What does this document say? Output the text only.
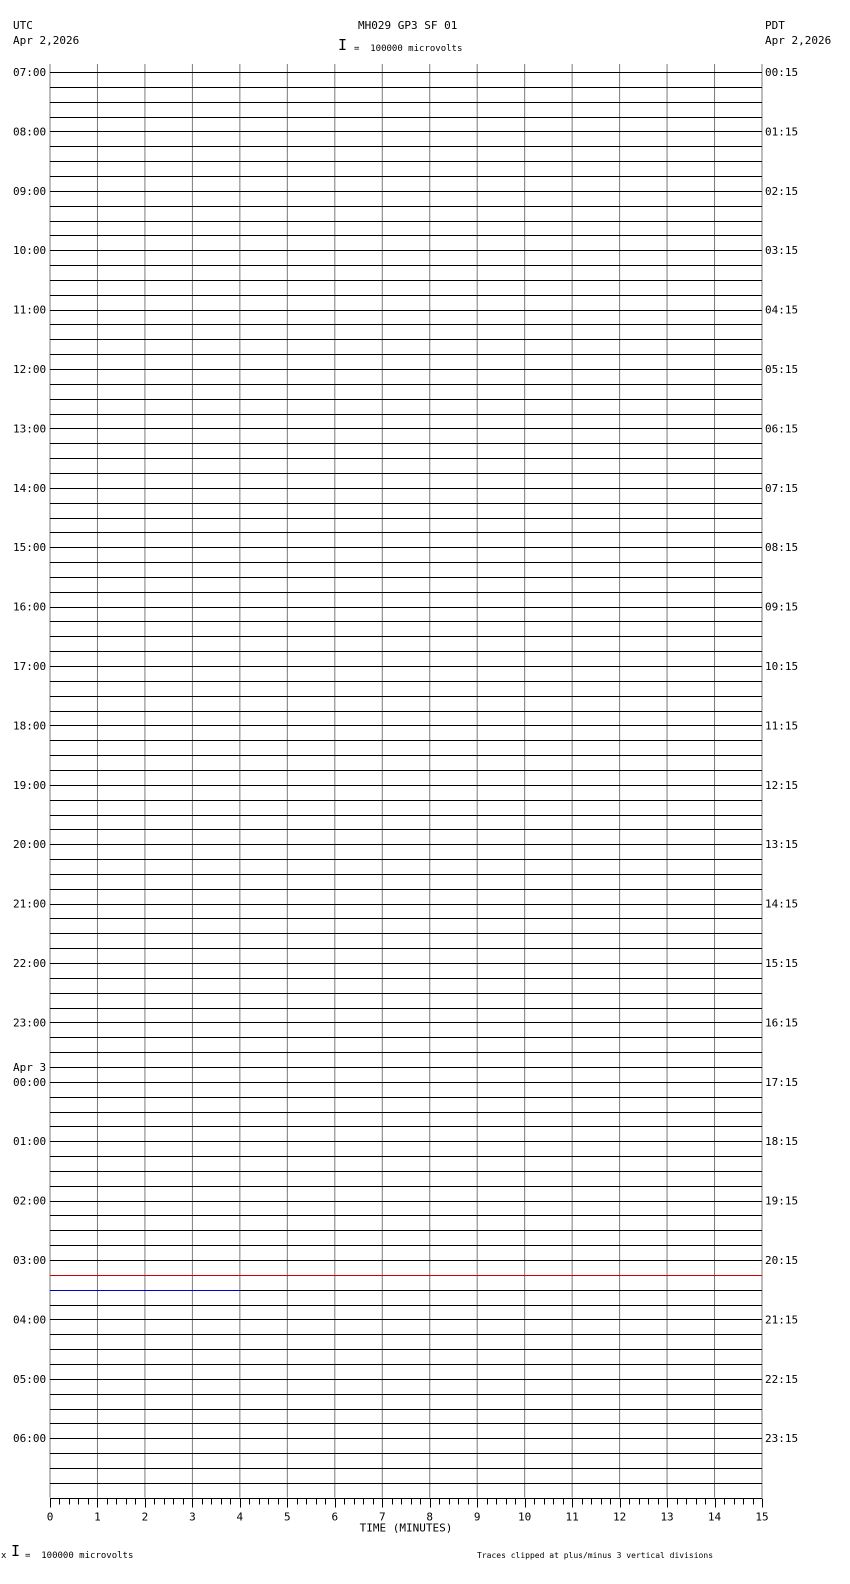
UTC
Apr 2,2026
MH029 GP3 SF 01
I =  100000 microvolts
PDT
Apr 2,2026
0	1	2	3	4	5	6	7	8	9	10	11	12	13	14	15
TIME (MINUTES)
07:00
08:00
09:00
10:00
11:00
12:00
13:00
14:00
15:00
16:00
17:00
18:00
19:00
20:00
21:00
22:00
23:00
00:00
01:00
02:00
03:00
04:00
05:00
06:00
Apr 3
00:15
01:15
02:15
03:15
04:15
05:15
06:15
07:15
08:15
09:15
10:15
11:15
12:15
13:15
14:15
15:15
16:15
17:15
18:15
19:15
20:15
21:15
22:15
23:15
x I =  100000 microvolts	Traces clipped at plus/minus 3 vertical divisions
